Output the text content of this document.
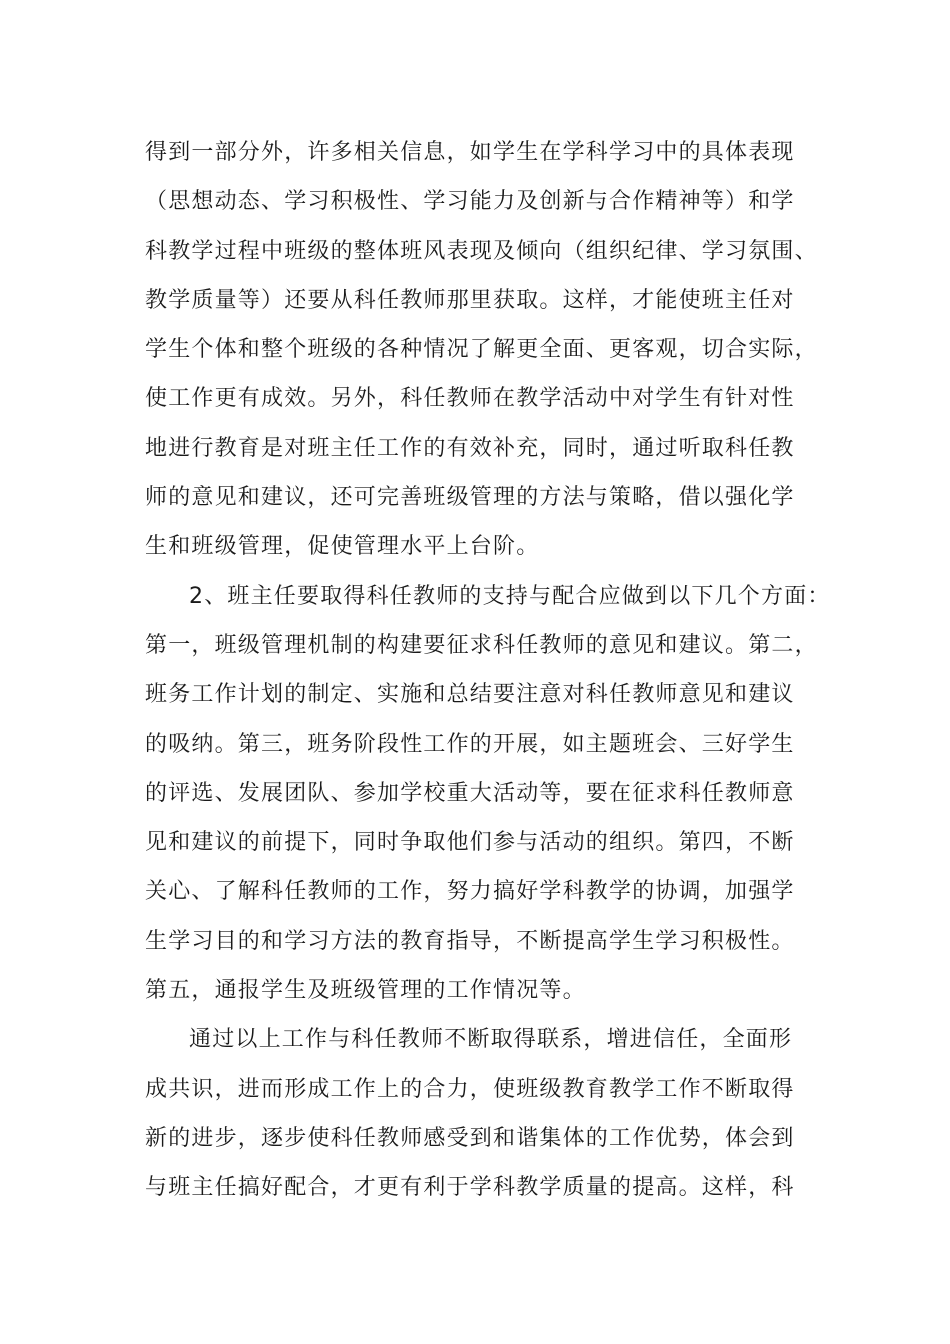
得到一部分外，许多相关信息，如学生在学科学习中的具体表现
（思想动态、学习积极性、学习能力及创新与合作精神等）和学
科教学过程中班级的整体班风表现及倾向（组织纪律、学习氛围、
教学质量等）还要从科任教师那里获取。这样，才能使班主任对
学生个体和整个班级的各种情况了解更全面、更客观，切合实际，
使工作更有成效。另外，科任教师在教学活动中对学生有针对性
地进行教育是对班主任工作的有效补充，同时，通过听取科任教
师的意见和建议，还可完善班级管理的方法与策略，借以强化学
生和班级管理，促使管理水平上台阶。
2、班主任要取得科任教师的支持与配合应做到以下几个方面：
第一，班级管理机制的构建要征求科任教师的意见和建议。第二，
班务工作计划的制定、实施和总结要注意对科任教师意见和建议
的吸纳。第三，班务阶段性工作的开展，如主题班会、三好学生
的评选、发展团队、参加学校重大活动等，要在征求科任教师意
见和建议的前提下，同时争取他们参与活动的组织。第四，不断
关心、了解科任教师的工作，努力搞好学科教学的协调，加强学
生学习目的和学习方法的教育指导，不断提高学生学习积极性。
第五，通报学生及班级管理的工作情况等。
通过以上工作与科任教师不断取得联系，增进信任，全面形
成共识，进而形成工作上的合力，使班级教育教学工作不断取得
新的进步，逐步使科任教师感受到和谐集体的工作优势，体会到
与班主任搞好配合，才更有利于学科教学质量的提高。这样，科
